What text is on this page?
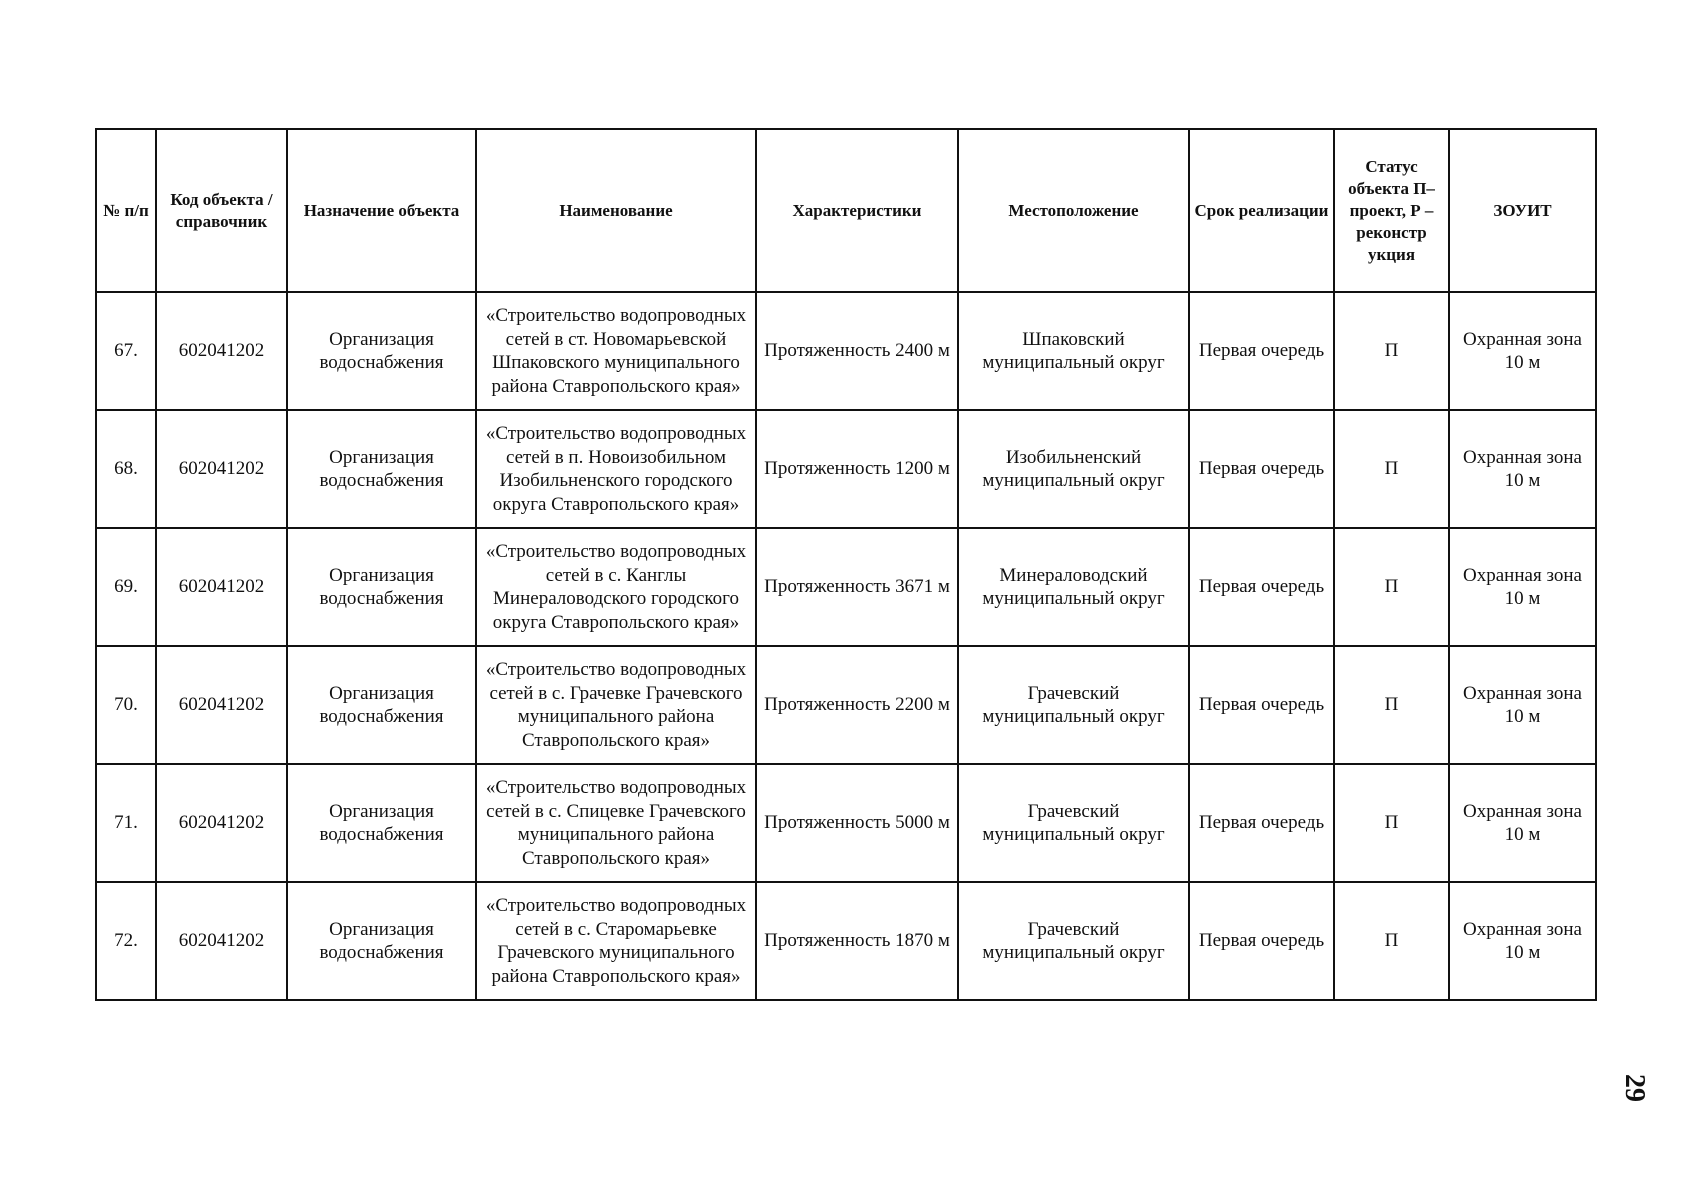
№ п/п	Код объекта / справочник	Назначение объекта	Наименование	Характеристики	Местоположение	Срок реализации	Статус объекта П– проект, Р – реконстр укция	ЗОУИТ
67.	602041202	Организация водоснабжения	«Строительство водопроводных сетей в ст. Новомарьевской Шпаковского муниципального района Ставропольского края»	Протяженность 2400 м	Шпаковский муниципальный округ	Первая очередь	П	Охранная зона 10 м
68.	602041202	Организация водоснабжения	«Строительство водопроводных сетей в п. Новоизобильном Изобильненского городского округа Ставропольского края»	Протяженность 1200 м	Изобильненский муниципальный округ	Первая очередь	П	Охранная зона 10 м
69.	602041202	Организация водоснабжения	«Строительство водопроводных сетей в с. Канглы Минераловодского городского округа Ставропольского края»	Протяженность 3671 м	Минераловодский муниципальный округ	Первая очередь	П	Охранная зона 10 м
70.	602041202	Организация водоснабжения	«Строительство водопроводных сетей в с. Грачевке Грачевского муниципального района Ставропольского края»	Протяженность 2200 м	Грачевский муниципальный округ	Первая очередь	П	Охранная зона 10 м
71.	602041202	Организация водоснабжения	«Строительство водопроводных сетей в с. Спицевке Грачевского муниципального района Ставропольского края»	Протяженность 5000 м	Грачевский муниципальный округ	Первая очередь	П	Охранная зона 10 м
72.	602041202	Организация водоснабжения	«Строительство водопроводных сетей в с. Старомарьевке Грачевского муниципального района Ставропольского края»	Протяженность 1870 м	Грачевский муниципальный округ	Первая очередь	П	Охранная зона 10 м
29
